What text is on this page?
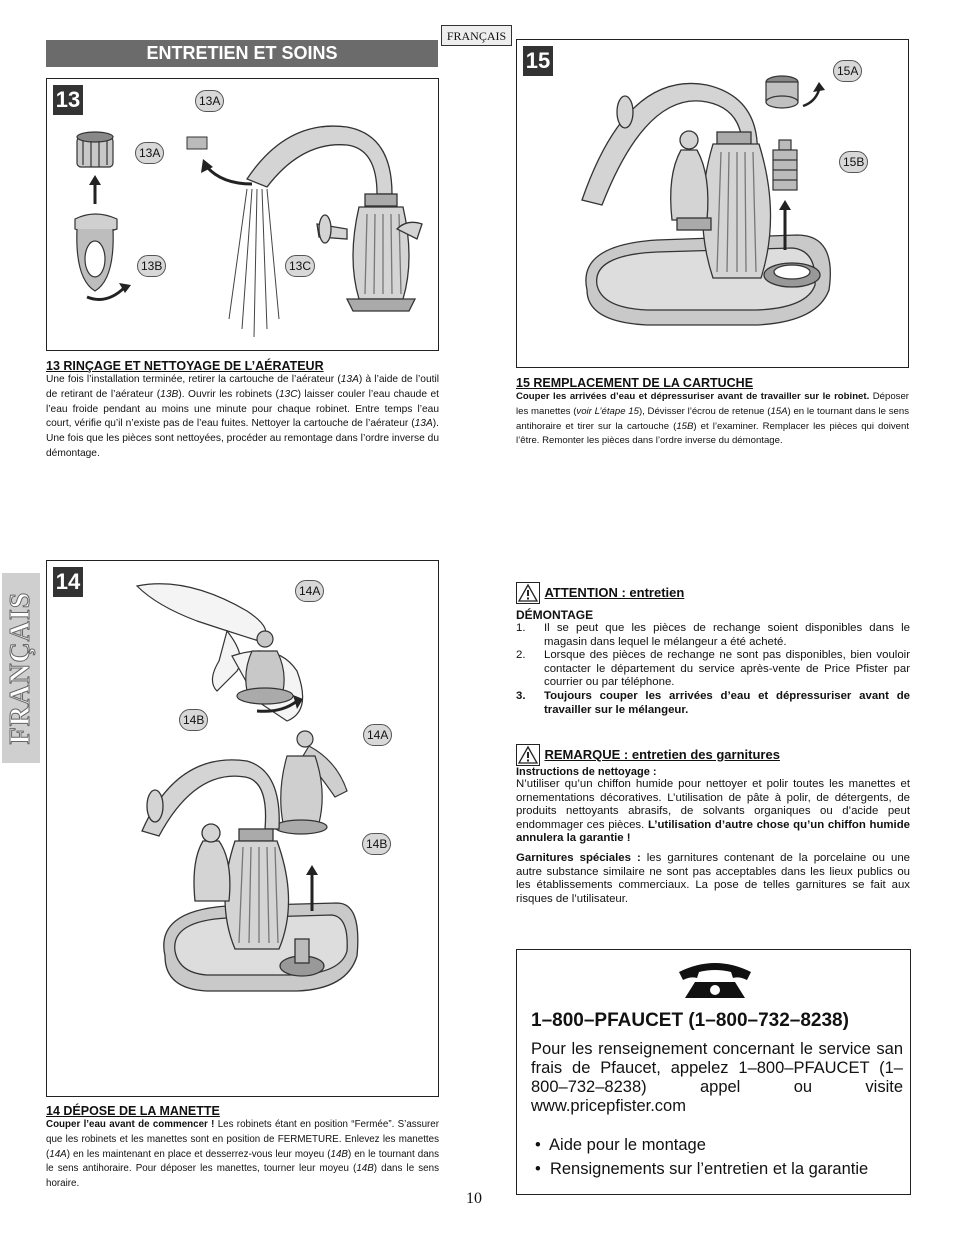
FRANÇAIS
ENTRETIEN ET SOINS
FRANÇAIS
13	13A
13A
13B	13C
13 RINÇAGE ET NETTOYAGE DE L’AÉRATEUR
Une fois l’installation terminée, retirer la cartouche de l’aérateur (13A) à l’aide de l’outil de retirant de l’aérateur (13B). Ouvrir les robinets (13C) laisser couler l’eau chaude et l’eau froide pendant au moins une minute pour chaque robinet. Entre temps l’eau court, vérifie qu’il n’existe pas de l’eau fuites. Nettoyer la cartouche de l’aérateur (13A). Une fois que les pièces sont nettoyées, procéder au remontage dans l’ordre inverse du démontage.
15	15A
15B
15 REMPLACEMENT DE LA CARTUCHE
Couper les arrivées d’eau et dépressuriser avant de travailler sur le robinet. Déposer les manettes (voir L’étape 15), Dévisser l’écrou de retenue (15A) en le tournant dans le sens antihoraire et tirer sur la cartouche (15B) et l’examiner. Remplacer les pièces qui doivent l’être. Remonter les pièces dans l’ordre inverse du démontage.
14	14A
14B
14A
14B
14 DÉPOSE DE LA MANETTE
Couper l’eau avant de commencer ! Les robinets étant en position “Fermée”. S’assurer que les robinets et les manettes sont en position de FERMETURE. Enlevez les manettes (14A) en les maintenant en place et desserrez-vous leur moyeu (14B) en le tournant dans le sens antihoraire. Pour déposer les manettes, tourner leur moyeu (14B) dans le sens horaire.
ATTENTION : entretien
DÉMONTAGE
1. Il se peut que les pièces de rechange soient disponibles dans le magasin dans lequel le mélangeur a été acheté.
2. Lorsque des pièces de rechange ne sont pas disponibles, bien vouloir contacter le département du service après-vente de Price Pfister par courrier ou par téléphone.
3. Toujours couper les arrivées d’eau et dépressuriser avant de travailler sur le mélangeur.
REMARQUE : entretien des garnitures
Instructions de nettoyage :
N’utiliser qu’un chiffon humide pour nettoyer et polir toutes les manettes et ornementations décoratives. L’utilisation de pâte à polir, de détergents, de produits nettoyants abrasifs, de solvants organiques ou d’acide peut endommager ces pièces. L’utilisation d’autre chose qu’un chiffon humide annulera la garantie !
Garnitures spéciales : les garnitures contenant de la porcelaine ou une autre substance similaire ne sont pas acceptables dans les lieux publics ou les établissements commerciaux. La pose de telles garnitures se fait aux risques de l’utilisateur.
1–800–PFAUCET (1–800–732–8238)
Pour les renseignement concernant le service san frais de Pfaucet, appelez 1–800–PFAUCET (1–800–732–8238) appel ou visite www.pricepfister.com
•  Aide pour le montage
•  Rensignements sur l’entretien et la garantie
10
